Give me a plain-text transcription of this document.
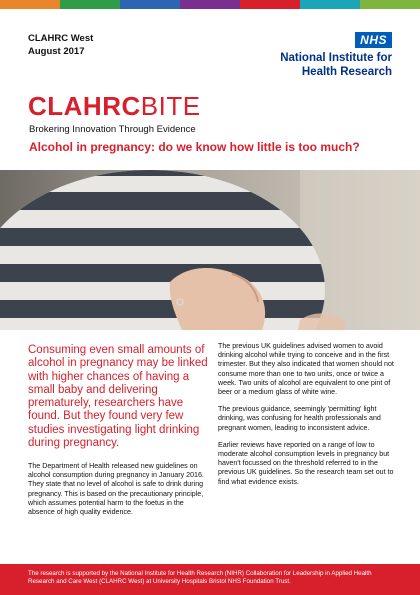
CLAHRC West
August 2017
NHS
National Institute for
Health Research
CLAHRCBITE
Brokering Innovation Through Evidence
Alcohol in pregnancy: do we know how little is too much?

Consuming even small amounts of alcohol in pregnancy may be linked with higher chances of having a small baby and delivering prematurely, researchers have found. But they found very few studies investigating light drinking during pregnancy.

The Department of Health released new guidelines on alcohol consumption during pregnancy in January 2016. They state that no level of alcohol is safe to drink during pregnancy. This is based on the precautionary principle, which assumes potential harm to the foetus in the absence of high quality evidence.

The previous UK guidelines advised women to avoid drinking alcohol while trying to conceive and in the first trimester. But they also indicated that women should not consume more than one to two units, once or twice a week. Two units of alcohol are equivalent to one pint of beer or a medium glass of white wine.

The previous guidance, seemingly 'permitting' light drinking, was confusing for health professionals and pregnant women, leading to inconsistent advice.

Earlier reviews have reported on a range of low to moderate alcohol consumption levels in pregnancy but haven't focussed on the threshold referred to in the previous UK guidelines. So the research team set out to find what evidence exists.

The research is supported by the National Institute for Health Research (NIHR) Collaboration for Leadership in Applied Health Research and Care West (CLAHRC West) at University Hospitals Bristol NHS Foundation Trust.
